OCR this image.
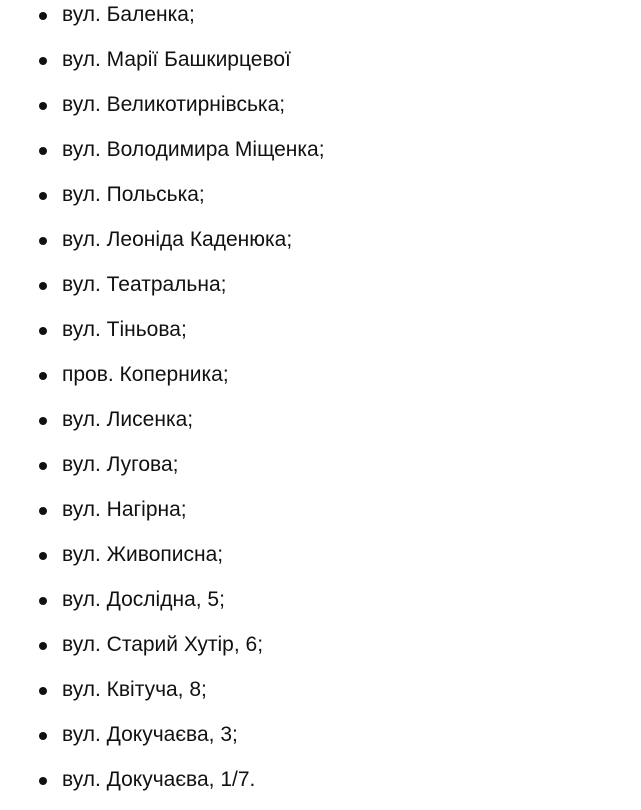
вул. Баленка;
вул. Марії Башкирцевої
вул. Великотирнівська;
вул. Володимира Міщенка;
вул. Польська;
вул. Леоніда Каденюка;
вул. Театральна;
вул. Тіньова;
пров. Коперника;
вул. Лисенка;
вул. Лугова;
вул. Нагірна;
вул. Живописна;
вул. Дослідна, 5;
вул. Старий Хутір, 6;
вул. Квітуча, 8;
вул. Докучаєва, 3;
вул. Докучаєва, 1/7.
